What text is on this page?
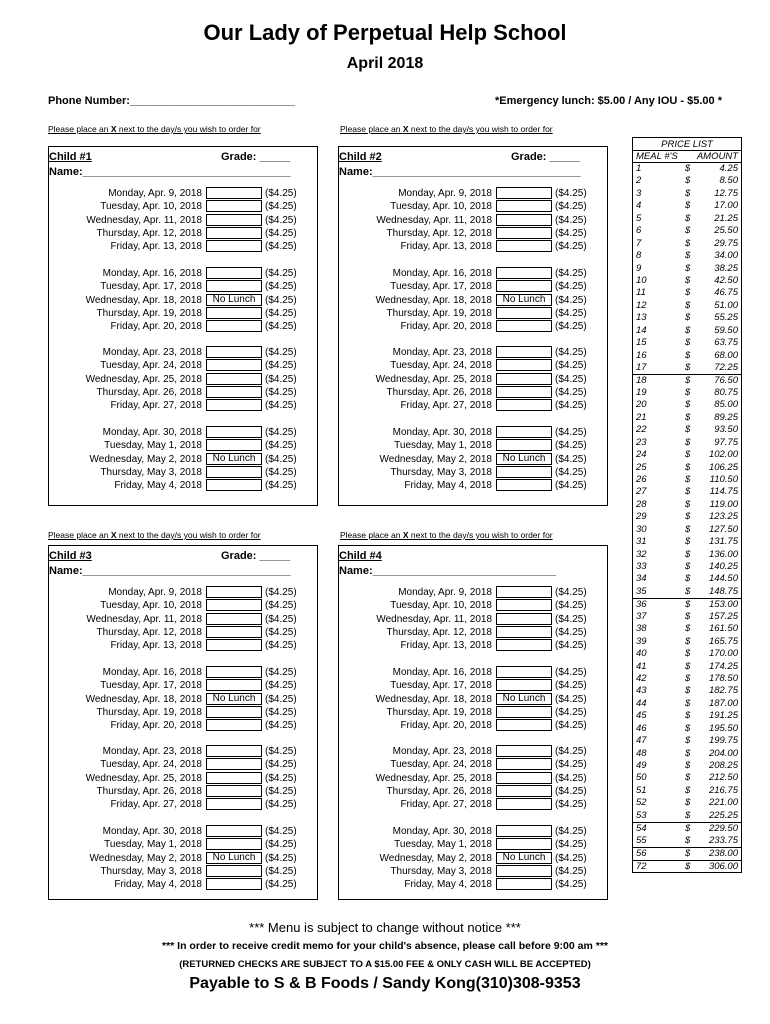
Our Lady of Perpetual Help School
April 2018
Phone Number:___________________________	*Emergency lunch: $5.00 / Any IOU - $5.00 *
Please place an X next to the day/s you wish to order for
Child #1	Grade: _____
Name:__________________________________
Monday, Apr. 9, 2018	($4.25)
Tuesday, Apr. 10, 2018	($4.25)
Wednesday, Apr. 11, 2018	($4.25)
Thursday, Apr. 12, 2018	($4.25)
Friday, Apr. 13, 2018	($4.25)
Monday, Apr. 16, 2018	($4.25)
Tuesday, Apr. 17, 2018	($4.25)
Wednesday, Apr. 18, 2018	No Lunch ($4.25)
Thursday, Apr. 19, 2018	($4.25)
Friday, Apr. 20, 2018	($4.25)
Monday, Apr. 23, 2018	($4.25)
Tuesday, Apr. 24, 2018	($4.25)
Wednesday, Apr. 25, 2018	($4.25)
Thursday, Apr. 26, 2018	($4.25)
Friday, Apr. 27, 2018	($4.25)
Monday, Apr. 30, 2018	($4.25)
Tuesday, May 1, 2018	($4.25)
Wednesday, May 2, 2018	No Lunch ($4.25)
Thursday, May 3, 2018	($4.25)
Friday, May 4, 2018	($4.25)
Please place an X next to the day/s you wish to order for
Child #2	Grade: _____
Name:__________________________________
Monday, Apr. 9, 2018	($4.25)
Tuesday, Apr. 10, 2018	($4.25)
Wednesday, Apr. 11, 2018	($4.25)
Thursday, Apr. 12, 2018	($4.25)
Friday, Apr. 13, 2018	($4.25)
Monday, Apr. 16, 2018	($4.25)
Tuesday, Apr. 17, 2018	($4.25)
Wednesday, Apr. 18, 2018	No Lunch ($4.25)
Thursday, Apr. 19, 2018	($4.25)
Friday, Apr. 20, 2018	($4.25)
Monday, Apr. 23, 2018	($4.25)
Tuesday, Apr. 24, 2018	($4.25)
Wednesday, Apr. 25, 2018	($4.25)
Thursday, Apr. 26, 2018	($4.25)
Friday, Apr. 27, 2018	($4.25)
Monday, Apr. 30, 2018	($4.25)
Tuesday, May 1, 2018	($4.25)
Wednesday, May 2, 2018	No Lunch ($4.25)
Thursday, May 3, 2018	($4.25)
Friday, May 4, 2018	($4.25)
Please place an X next to the day/s you wish to order for
Child #3	Grade: _____
Name:__________________________________
Monday, Apr. 9, 2018	($4.25)
Tuesday, Apr. 10, 2018	($4.25)
Wednesday, Apr. 11, 2018	($4.25)
Thursday, Apr. 12, 2018	($4.25)
Friday, Apr. 13, 2018	($4.25)
Monday, Apr. 16, 2018	($4.25)
Tuesday, Apr. 17, 2018	($4.25)
Wednesday, Apr. 18, 2018	No Lunch ($4.25)
Thursday, Apr. 19, 2018	($4.25)
Friday, Apr. 20, 2018	($4.25)
Monday, Apr. 23, 2018	($4.25)
Tuesday, Apr. 24, 2018	($4.25)
Wednesday, Apr. 25, 2018	($4.25)
Thursday, Apr. 26, 2018	($4.25)
Friday, Apr. 27, 2018	($4.25)
Monday, Apr. 30, 2018	($4.25)
Tuesday, May 1, 2018	($4.25)
Wednesday, May 2, 2018	No Lunch ($4.25)
Thursday, May 3, 2018	($4.25)
Friday, May 4, 2018	($4.25)
Please place an X next to the day/s you wish to order for
Child #4
Name:______________________________
Monday, Apr. 9, 2018	($4.25)
Tuesday, Apr. 10, 2018	($4.25)
Wednesday, Apr. 11, 2018	($4.25)
Thursday, Apr. 12, 2018	($4.25)
Friday, Apr. 13, 2018	($4.25)
Monday, Apr. 16, 2018	($4.25)
Tuesday, Apr. 17, 2018	($4.25)
Wednesday, Apr. 18, 2018	No Lunch ($4.25)
Thursday, Apr. 19, 2018	($4.25)
Friday, Apr. 20, 2018	($4.25)
Monday, Apr. 23, 2018	($4.25)
Tuesday, Apr. 24, 2018	($4.25)
Wednesday, Apr. 25, 2018	($4.25)
Thursday, Apr. 26, 2018	($4.25)
Friday, Apr. 27, 2018	($4.25)
Monday, Apr. 30, 2018	($4.25)
Tuesday, May 1, 2018	($4.25)
Wednesday, May 2, 2018	No Lunch ($4.25)
Thursday, May 3, 2018	($4.25)
Friday, May 4, 2018	($4.25)
PRICE LIST
MEAL #'S AMOUNT
1	$	4.25
2	$	8.50
3	$	12.75
4	$	17.00
5	$	21.25
6	$	25.50
7	$	29.75
8	$	34.00
9	$	38.25
10	$	42.50
11	$	46.75
12	$	51.00
13	$	55.25
14	$	59.50
15	$	63.75
16	$	68.00
17	$	72.25
18	$	76.50
19	$	80.75
20	$	85.00
21	$	89.25
22	$	93.50
23	$	97.75
24	$ 102.00
25	$ 106.25
26	$ 110.50
27	$ 114.75
28	$ 119.00
29	$ 123.25
30	$ 127.50
31	$ 131.75
32	$ 136.00
33	$ 140.25
34	$ 144.50
35	$ 148.75
36	$ 153.00
37	$ 157.25
38	$ 161.50
39	$ 165.75
40	$ 170.00
41	$ 174.25
42	$ 178.50
43	$ 182.75
44	$ 187.00
45	$ 191.25
46	$ 195.50
47	$ 199.75
48	$ 204.00
49	$ 208.25
50	$ 212.50
51	$ 216.75
52	$ 221.00
53	$ 225.25
54	$ 229.50
55	$ 233.75
56	$ 238.00
72	$ 306.00
*** Menu is subject to change without notice ***
*** In order to receive credit memo for your child's absence, please call before 9:00 am ***
(RETURNED CHECKS ARE SUBJECT TO A $15.00 FEE & ONLY CASH WILL BE ACCEPTED)
Payable to S & B Foods / Sandy Kong(310)308-9353
